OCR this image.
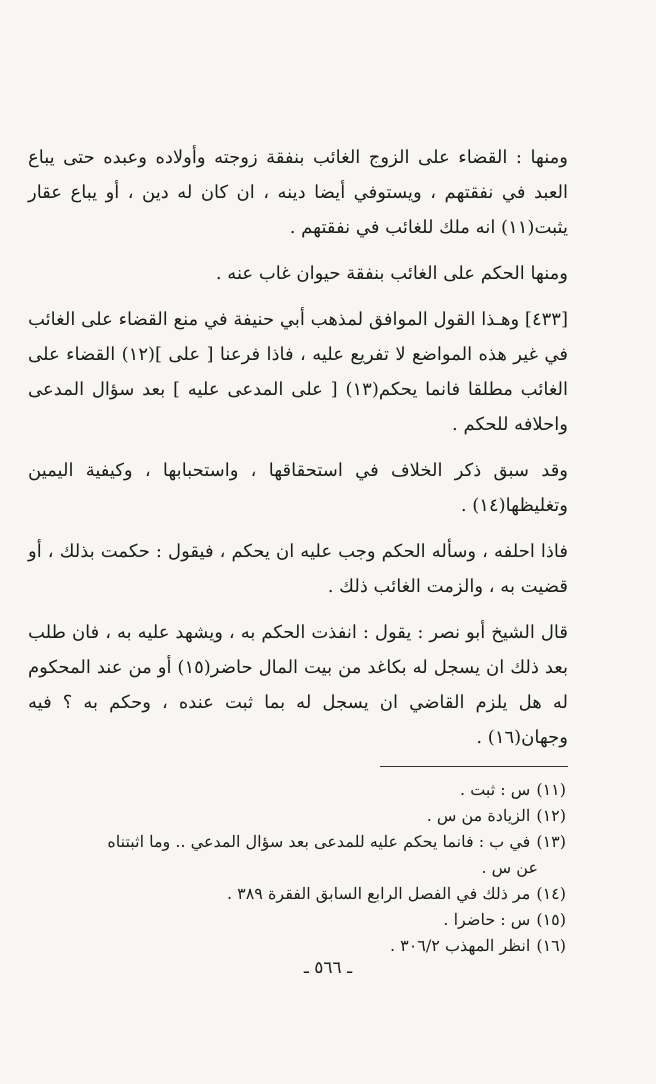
ومنها : القضاء على الزوج الغائب بنفقة زوجته وأولاده وعبده حتى يباع العبد في نفقتهم ، ويستوفي أيضا دينه ، ان كان له دين ، أو يباع عقار يثبت(١١) انه ملك للغائب في نفقتهم .

ومنها الحكم على الغائب بنفقة حيوان غاب عنه .

[٤٣٣] وهـذا القول الموافق لمذهب أبي حنيفة في منع القضاء على الغائب في غير هذه المواضع لا تفريع عليه ، فاذا فرعنا [ على ](١٢) القضاء على الغائب مطلقا فانما يحكم(١٣) [ على المدعى عليه ] بعد سؤال المدعى واحلافه للحكم .

وقد سبق ذكر الخلاف في استحقاقها ، واستحبابها ، وكيفية اليمين وتغليظها(١٤) .

فاذا احلفه ، وسأله الحكم وجب عليه ان يحكم ، فيقول : حكمت بذلك ، أو قضيت به ، والزمت الغائب ذلك .

قال الشيخ أبو نصر : يقول : انفذت الحكم به ، ويشهد عليه به ، فان طلب بعد ذلك ان يسجل له بكاغد من بيت المال حاضر(١٥) أو من عند المحكوم له هل يلزم القاضي ان يسجل له بما ثبت عنده ، وحكم به ؟ فيه وجهان(١٦) .

(١١)س : ثبت .

(١٢)الزيادة من س .

(١٣)في ب : فانما يحكم عليه للمدعى بعد سؤال المدعي .. وما اثبتناه

عن س .

(١٤)مر ذلك في الفصل الرابع السابق الفقرة ٣٨٩ .

(١٥)س : حاضرا .

(١٦)انظر المهذب ٣٠٦/٢ .

ـ ٥٦٦ ـ
